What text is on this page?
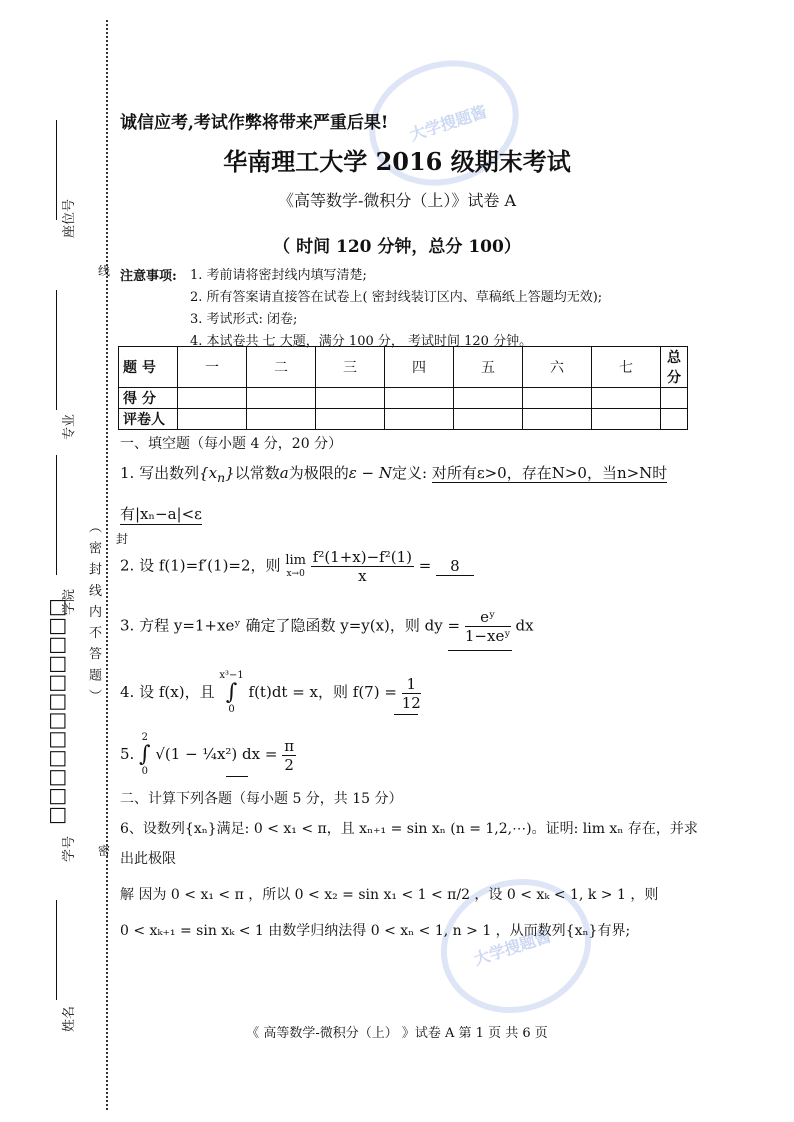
座位号
专业
学院
学号
□□□□□□□□□□□□
姓名
（ 密 封 线 内 不 答 题 ）
线
封
密
大学搜题酱
大学搜题酱
诚信应考,考试作弊将带来严重后果!
华南理工大学 2016 级期末考试
《高等数学-微积分（上）》试卷 A
（ 时间 120 分钟，总分 100）
注意事项: 1. 考前请将密封线内填写清楚;
2. 所有答案请直接答在试卷上( 密封线装订区内、草稿纸上答题均无效);
3. 考试形式: 闭卷;
4. 本试卷共 七 大题，满分 100 分， 考试时间 120 分钟。
题 号	一	二	三	四	五	六	七	总分
得 分								
评卷人								
一、填空题（每小题 4 分，20 分）
1. 写出数列$\{x_n\}$以常数a为极限的ε − N定义: 对所有ε>0，存在N>0，当n>N时
有|xₙ−a|<ε
2. 设 f(1)=f′(1)=2，则 lim
x→0
$\frac{\text{f²(1+x)−f²(1)}}{x} = 8$
3. 方程 y=1+xeʸ 确定了隐函数 y=y(x)，则 dy = $\frac{\text{eʸ}}{\text{1−xeʸ}}$ dx
4. 设 f(x)，且
x³−1
∫
0
f(t)dt = x，则 $f(7) = \frac{1}{12}$
5.
2
∫
0
√(1 − ¼x²) dx = $\frac{\pi}{2}$
二、计算下列各题（每小题 5 分，共 15 分）
6、设数列{xₙ}满足: 0 < x₁ < π，且 xₙ₊₁ = sin xₙ (n = 1,2,⋯)。证明: lim xₙ 存在，并求
出此极限
解 因为 0 < x₁ < π ，所以 0 < x₂ = sin x₁ < 1 < π/2 ，设 0 < xₖ < 1, k > 1 ，则
0 < xₖ₊₁ = sin xₖ < 1 由数学归纳法得 0 < xₙ < 1, n > 1 ，从而数列{xₙ}有界;
《 高等数学-微积分（上） 》试卷 A 第 1 页 共 6 页
